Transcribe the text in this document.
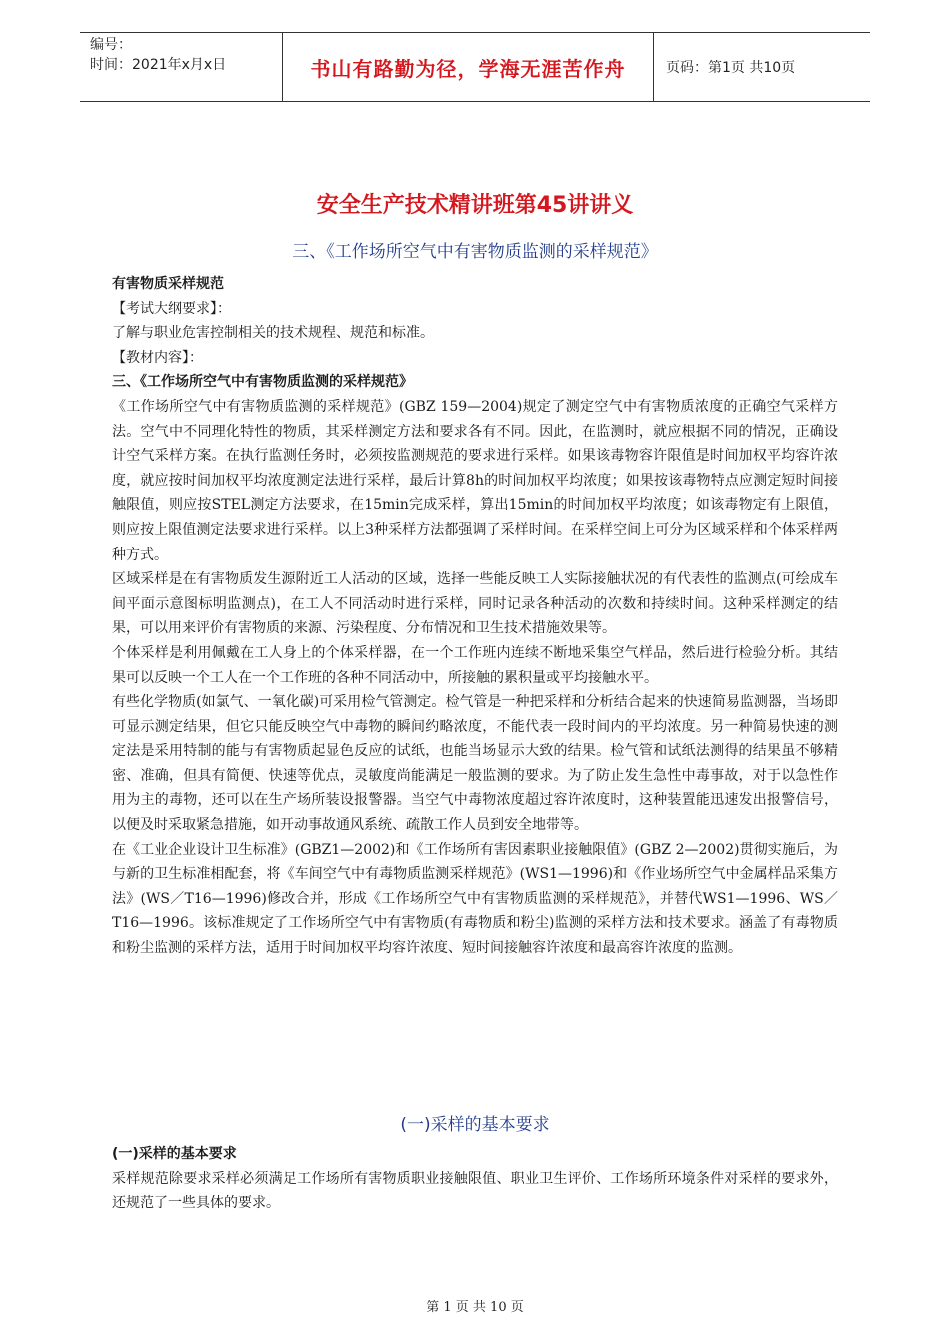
编号：
时间：2021年x月x日	书山有路勤为径，学海无涯苦作舟	页码：第1页 共10页
安全生产技术精讲班第45讲讲义
三、《工作场所空气中有害物质监测的采样规范》

有害物质采样规范

【考试大纲要求】：

了解与职业危害控制相关的技术规程、规范和标准。

【教材内容】：

三、《工作场所空气中有害物质监测的采样规范》

《工作场所空气中有害物质监测的采样规范》(GBZ 159—2004)规定了测定空气中有害物质浓度的正确空气采样方法。空气中不同理化特性的物质，其采样测定方法和要求各有不同。因此，在监测时，就应根据不同的情况，正确设计空气采样方案。在执行监测任务时，必须按监测规范的要求进行采样。如果该毒物容许限值是时间加权平均容许浓度，就应按时间加权平均浓度测定法进行采样，最后计算8h的时间加权平均浓度；如果按该毒物特点应测定短时间接触限值，则应按STEL测定方法要求，在15min完成采样，算出15min的时间加权平均浓度；如该毒物定有上限值，则应按上限值测定法要求进行采样。以上3种采样方法都强调了采样时间。在采样空间上可分为区域采样和个体采样两种方式。

区域采样是在有害物质发生源附近工人活动的区域，选择一些能反映工人实际接触状况的有代表性的监测点(可绘成车间平面示意图标明监测点)，在工人不同活动时进行采样，同时记录各种活动的次数和持续时间。这种采样测定的结果，可以用来评价有害物质的来源、污染程度、分布情况和卫生技术措施效果等。

个体采样是利用佩戴在工人身上的个体采样器，在一个工作班内连续不断地采集空气样品，然后进行检验分析。其结果可以反映一个工人在一个工作班的各种不同活动中，所接触的累积量或平均接触水平。

有些化学物质(如氯气、一氧化碳)可采用检气管测定。检气管是一种把采样和分析结合起来的快速简易监测器，当场即可显示测定结果，但它只能反映空气中毒物的瞬间约略浓度，不能代表一段时间内的平均浓度。另一种简易快速的测定法是采用特制的能与有害物质起显色反应的试纸，也能当场显示大致的结果。检气管和试纸法测得的结果虽不够精密、准确，但具有简便、快速等优点，灵敏度尚能满足一般监测的要求。为了防止发生急性中毒事故，对于以急性作用为主的毒物，还可以在生产场所装设报警器。当空气中毒物浓度超过容许浓度时，这种装置能迅速发出报警信号，以便及时采取紧急措施，如开动事故通风系统、疏散工作人员到安全地带等。

在《工业企业设计卫生标准》(GBZ1—2002)和《工作场所有害因素职业接触限值》(GBZ 2—2002)贯彻实施后，为与新的卫生标准相配套，将《车间空气中有毒物质监测采样规范》(WS1—1996)和《作业场所空气中金属样品采集方法》(WS／T16—1996)修改合并，形成《工作场所空气中有害物质监测的采样规范》，并替代WS1—1996、WS／T16—1996。该标准规定了工作场所空气中有害物质(有毒物质和粉尘)监测的采样方法和技术要求。涵盖了有毒物质和粉尘监测的采样方法，适用于时间加权平均容许浓度、短时间接触容许浓度和最高容许浓度的监测。

(一)采样的基本要求

(一)采样的基本要求

采样规范除要求采样必须满足工作场所有害物质职业接触限值、职业卫生评价、工作场所环境条件对采样的要求外，还规范了一些具体的要求。

第 1 页 共 10 页
